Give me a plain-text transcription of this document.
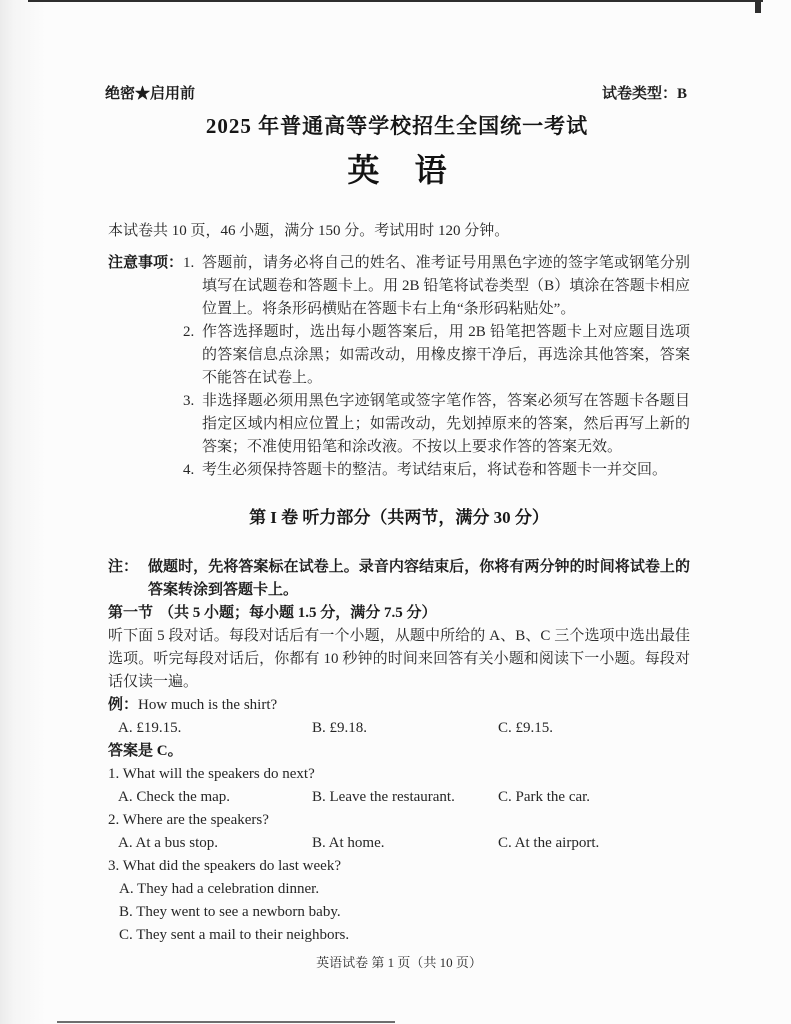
绝密★启用前	试卷类型：B
2025 年普通高等学校招生全国统一考试
英语
本试卷共 10 页，46 小题，满分 150 分。考试用时 120 分钟。
注意事项： 1. 答题前，请务必将自己的姓名、准考证号用黑色字迹的签字笔或钢笔分别填写在试题卷和答题卡上。用 2B 铅笔将试卷类型（B）填涂在答题卡相应位置上。将条形码横贴在答题卡右上角“条形码粘贴处”。
2. 作答选择题时，选出每小题答案后，用 2B 铅笔把答题卡上对应题目选项的答案信息点涂黑；如需改动，用橡皮擦干净后，再选涂其他答案，答案不能答在试卷上。
3. 非选择题必须用黑色字迹钢笔或签字笔作答，答案必须写在答题卡各题目指定区域内相应位置上；如需改动，先划掉原来的答案，然后再写上新的答案；不准使用铅笔和涂改液。不按以上要求作答的答案无效。
4. 考生必须保持答题卡的整洁。考试结束后，将试卷和答题卡一并交回。
第 I 卷 听力部分（共两节，满分 30 分）
注： 做题时，先将答案标在试卷上。录音内容结束后，你将有两分钟的时间将试卷上的答案转涂到答题卡上。
第一节 （共 5 小题；每小题 1.5 分，满分 7.5 分）
听下面 5 段对话。每段对话后有一个小题，从题中所给的 A、B、C 三个选项中选出最佳选项。听完每段对话后，你都有 10 秒钟的时间来回答有关小题和阅读下一小题。每段对话仅读一遍。
例：How much is the shirt?
A. £19.15.	B. £9.18.	C. £9.15.
答案是 C。
1. What will the speakers do next?
A. Check the map.	B. Leave the restaurant.	C. Park the car.
2. Where are the speakers?
A. At a bus stop.	B. At home.	C. At the airport.
3. What did the speakers do last week?
A. They had a celebration dinner.
B. They went to see a newborn baby.
C. They sent a mail to their neighbors.
英语试卷 第 1 页（共 10 页）
